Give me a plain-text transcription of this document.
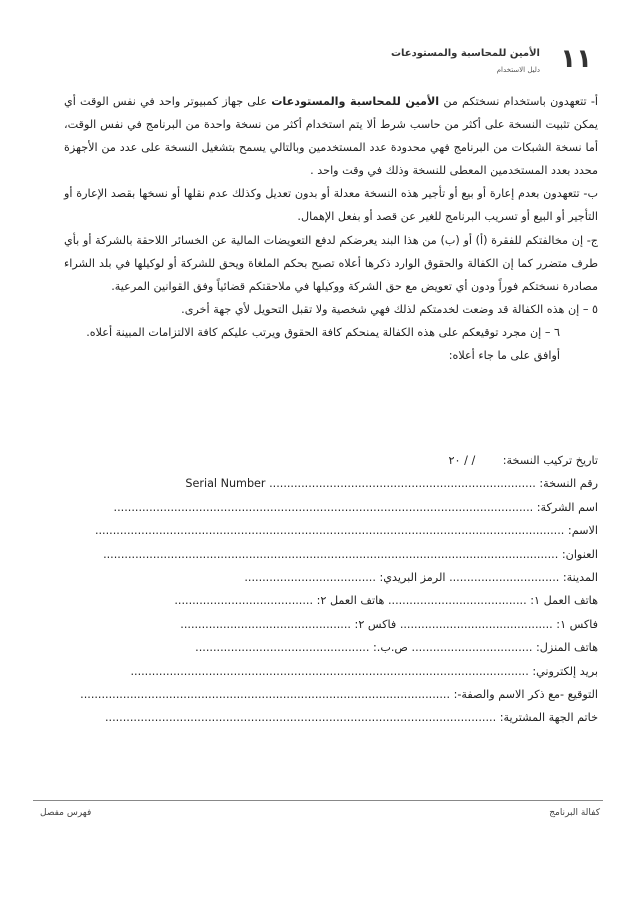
١١
الأمين للمحاسبة والمستودعات
دليل الاستخدام

أ- تتعهدون باستخدام نسختكم من الأمين للمحاسبة والمستودعات على جهاز كمبيوتر واحد في نفس الوقت أي يمكن تثبيت النسخة على أكثر من حاسب شرط ألا يتم استخدام أكثر من نسخة واحدة من البرنامج في نفس الوقت، أما نسخة الشبكات من البرنامج فهي محدودة عدد المستخدمين وبالتالي يسمح بتشغيل النسخة على عدد من الأجهزة محدد بعدد المستخدمين المعطى للنسخة وذلك في وقت واحد .

ب- تتعهدون بعدم إعارة أو بيع أو تأجير هذه النسخة معدلة أو بدون تعديل وكذلك عدم نقلها أو نسخها بقصد الإعارة أو التأجير أو البيع أو تسريب البرنامج للغير عن قصد أو بفعل الإهمال.

ج- إن مخالفتكم للفقرة (أ) أو (ب) من هذا البند يعرضكم لدفع التعويضات المالية عن الخسائر اللاحقة بالشركة أو بأي طرف متضرر كما إن الكفالة والحقوق الوارد ذكرها أعلاه تصبح بحكم الملغاة ويحق للشركة أو لوكيلها في بلد الشراء مصادرة نسختكم فوراً ودون أي تعويض مع حق الشركة ووكيلها في ملاحقتكم قضائياً وفق القوانين المرعية.

٥ – إن هذه الكفالة قد وضعت لخدمتكم لذلك فهي شخصية ولا تقبل التحويل لأي جهة أخرى.

٦ – إن مجرد توقيعكم على هذه الكفالة يمنحكم كافة الحقوق ويرتب عليكم كافة الالتزامات المبينة أعلاه.

أوافق على ما جاء أعلاه:

تاريخ تركيب النسخة: / / ٢٠
رقم النسخة: ........................................................................... Serial Number
اسم الشركة: ......................................................................................................................
الاسم: ....................................................................................................................................
العنوان: ................................................................................................................................
المدينة: ............................... الرمز البريدي: .....................................
هاتف العمل ١: ....................................... هاتف العمل ٢: .......................................
فاكس ١: ........................................... فاكس ٢: ................................................
هاتف المنزل: .................................. ص.ب.: .................................................
بريد إلكتروني: ................................................................................................................
التوقيع -مع ذكر الاسم والصفة-: ........................................................................................................
خاتم الجهة المشترية: ..............................................................................................................
كفالة البرنامج
فهرس مفصل
